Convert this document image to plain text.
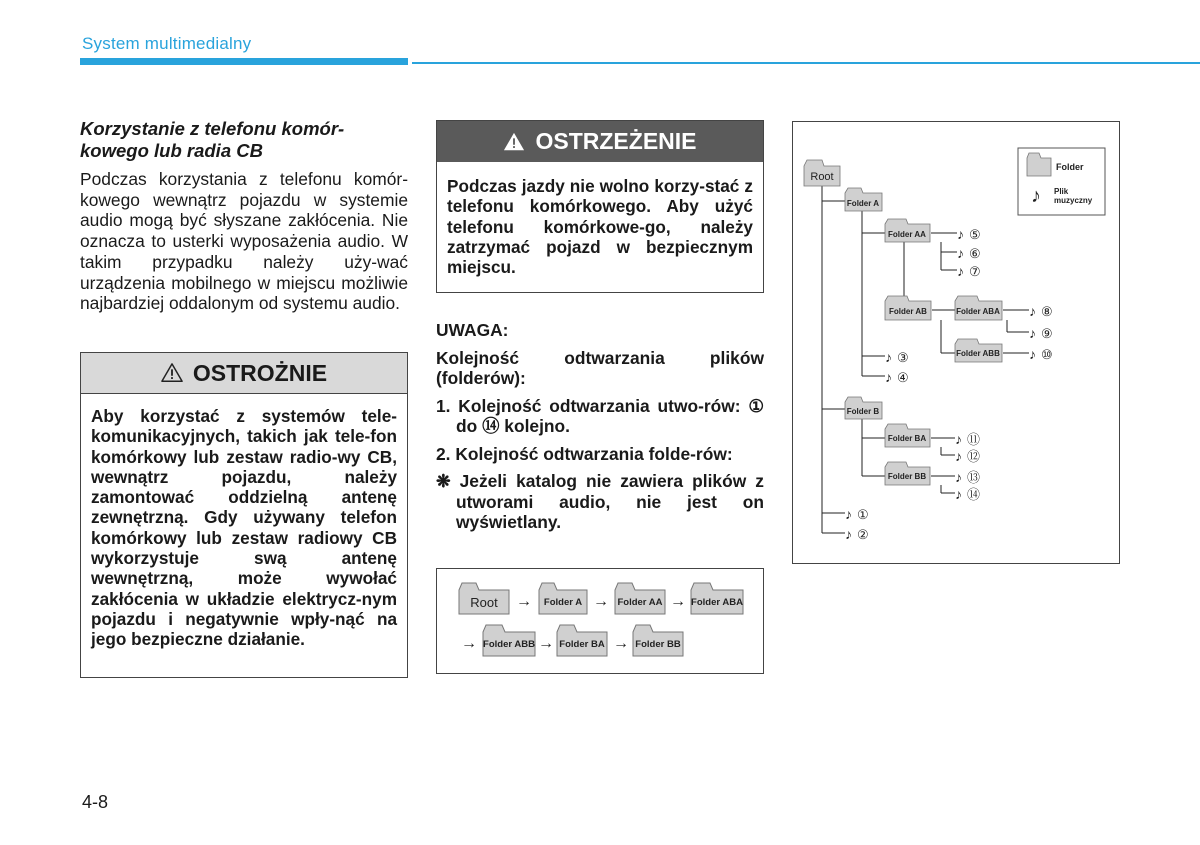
System multimedialny

Korzystanie z telefonu komór-kowego lub radia CB

Podczas korzystania z telefonu komór-kowego wewnątrz pojazdu w systemie audio mogą być słyszane zakłócenia. Nie oznacza to usterki wyposażenia audio. W takim przypadku należy uży-wać urządzenia mobilnego w miejscu możliwie najbardziej oddalonym od systemu audio.

OSTROŻNIE
Aby korzystać z systemów tele-komunikacyjnych, takich jak tele-fon komórkowy lub zestaw radio-wy CB, wewnątrz pojazdu, należy zamontować oddzielną antenę zewnętrzną. Gdy używany telefon komórkowy lub zestaw radiowy CB wykorzystuje swą antenę wewnętrzną, może wywołać zakłócenia w układzie elektrycz-nym pojazdu i negatywnie wpły-nąć na jego bezpieczne działanie.
OSTRZEŻENIE
Podczas jazdy nie wolno korzy-stać z telefonu komórkowego. Aby użyć telefonu komórkowe-go, należy zatrzymać pojazd w bezpiecznym miejscu.

UWAGA:

Kolejność odtwarzania plików (folderów):

1. Kolejność odtwarzania utwo-rów: ① do ⑭ kolejno.

2. Kolejność odtwarzania folde-rów:

❋ Jeżeli katalog nie zawiera plików z utworami audio, nie jest on wyświetlany.

Root → Folder A → Folder AA → Folder ABA
→ Folder ABB → Folder BA → Folder BB
Folder
♪ Plik
muzyczny
Root
Folder A
Folder AA
Folder AB	Folder ABA
Folder ABB
Folder B
Folder BA
Folder BB
♪ ⑤
♪ ⑥
♪ ⑦
♪ ⑧
♪ ⑨
♪ ⑩
♪ ③
♪ ④
♪ ⑪
♪ ⑫
♪ ⑬
♪ ⑭
♪ ①
♪ ②
4-8
